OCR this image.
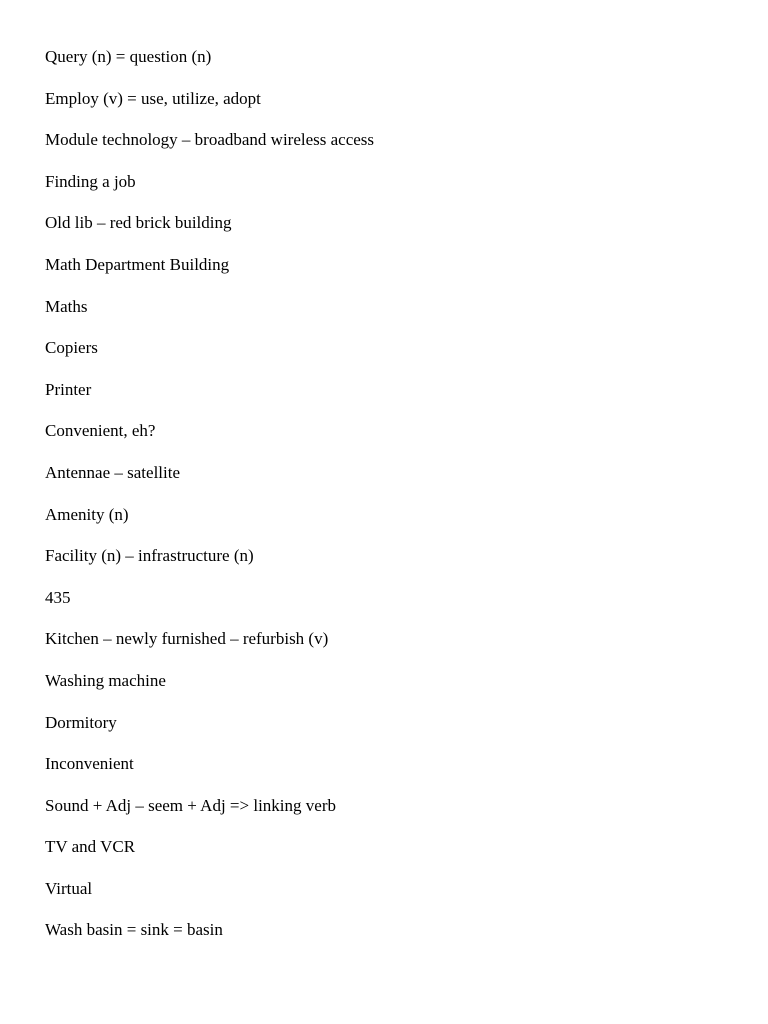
Query (n) = question (n)
Employ (v) = use, utilize, adopt
Module technology – broadband wireless access
Finding a job
Old lib – red brick building
Math Department Building
Maths
Copiers
Printer
Convenient, eh?
Antennae – satellite
Amenity (n)
Facility (n) – infrastructure (n)
435
Kitchen – newly furnished – refurbish (v)
Washing machine
Dormitory
Inconvenient
Sound + Adj – seem + Adj => linking verb
TV and VCR
Virtual
Wash basin = sink = basin
